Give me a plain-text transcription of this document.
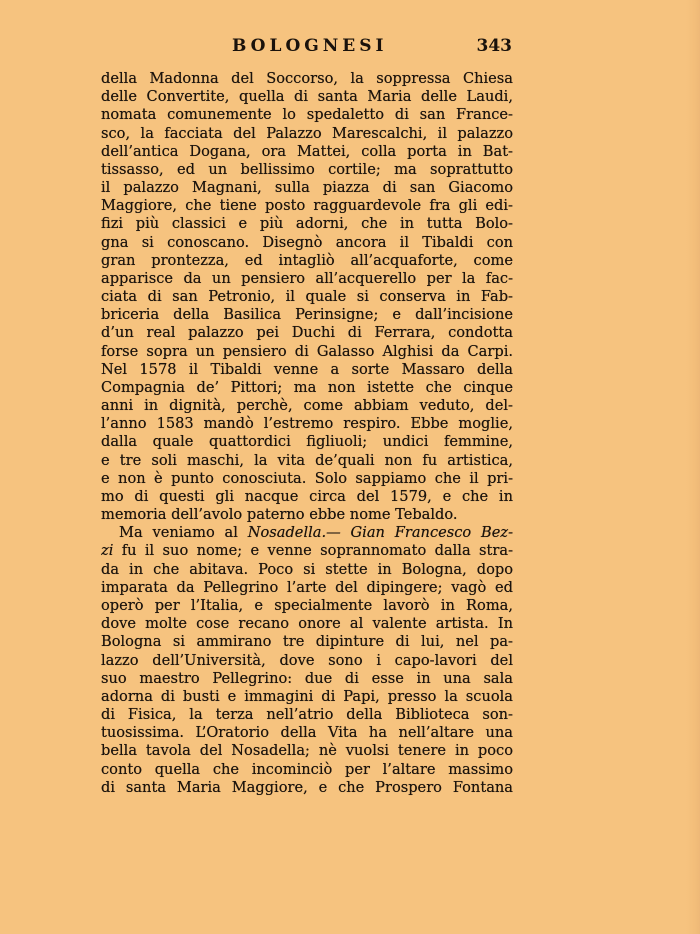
BOLOGNESI	343
della Madonna del Soccorso, la soppressa Chiesa
delle Convertite, quella di santa Maria delle Laudi,
nomata comunemente lo spedaletto di san France-
sco, la facciata del Palazzo Marescalchi, il palazzo
dell’antica Dogana, ora Mattei, colla porta in Bat-
tissasso, ed un bellissimo cortile; ma soprattutto
il palazzo Magnani, sulla piazza di san Giacomo
Maggiore, che tiene posto ragguardevole fra gli edi-
fizi più classici e più adorni, che in tutta Bolo-
gna si conoscano. Disegnò ancora il Tibaldi con
gran prontezza, ed intagliò all’acquaforte, come
apparisce da un pensiero all’acquerello per la fac-
ciata di san Petronio, il quale si conserva in Fab-
briceria della Basilica Perinsigne; e dall’incisione
d’un real palazzo pei Duchi di Ferrara, condotta
forse sopra un pensiero di Galasso Alghisi da Carpi.
Nel 1578 il Tibaldi venne a sorte Massaro della
Compagnia de’ Pittori; ma non istette che cinque
anni in dignità, perchè, come abbiam veduto, del-
l’anno 1583 mandò l’estremo respiro. Ebbe moglie,
dalla quale quattordici figliuoli; undici femmine,
e tre soli maschi, la vita de’quali non fu artistica,
e non è punto conosciuta. Solo sappiamo che il pri-
mo di questi gli nacque circa del 1579, e che in
memoria dell’avolo paterno ebbe nome Tebaldo.
Ma veniamo al Nosadella.— Gian Francesco Bez-
zi fu il suo nome; e venne soprannomato dalla stra-
da in che abitava. Poco si stette in Bologna, dopo
imparata da Pellegrino l’arte del dipingere; vagò ed
operò per l’Italia, e specialmente lavorò in Roma,
dove molte cose recano onore al valente artista. In
Bologna si ammirano tre dipinture di lui, nel pa-
lazzo dell’Università, dove sono i capo-lavori del
suo maestro Pellegrino: due di esse in una sala
adorna di busti e immagini di Papi, presso la scuola
di Fisica, la terza nell’atrio della Biblioteca son-
tuosissima. L’Oratorio della Vita ha nell’altare una
bella tavola del Nosadella; nè vuolsi tenere in poco
conto quella che incominciò per l’altare massimo
di santa Maria Maggiore, e che Prospero Fontana
